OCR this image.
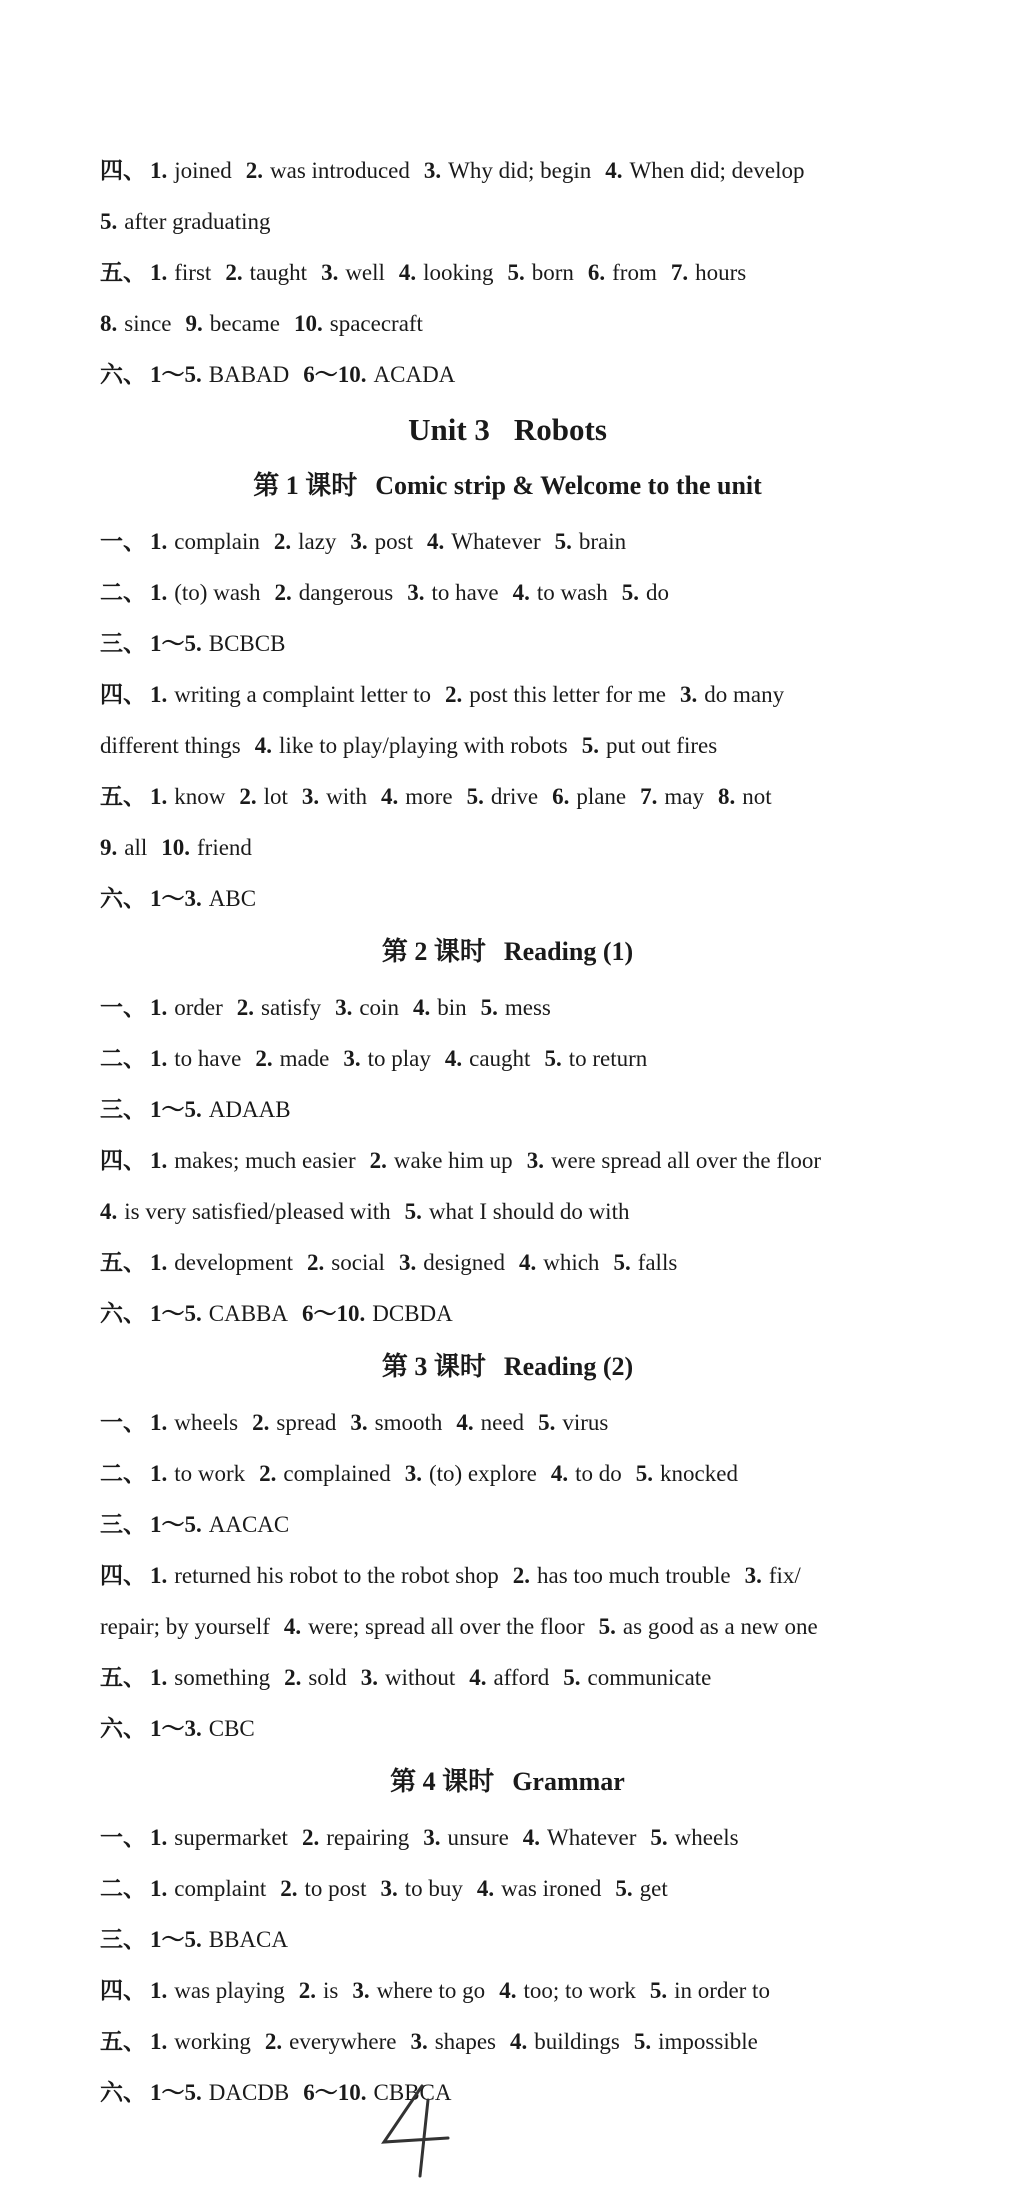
四、 1. joined 2. was introduced 3. Why did; begin 4. When did; develop
5. after graduating
五、 1. first 2. taught 3. well 4. looking 5. born 6. from 7. hours
8. since 9. became 10. spacecraft
六、 1～5. BABAD 6～10. ACADA
Unit 3 Robots
第 1 课时 Comic strip & Welcome to the unit
一、 1. complain 2. lazy 3. post 4. Whatever 5. brain
二、 1. (to) wash 2. dangerous 3. to have 4. to wash 5. do
三、 1～5. BCBCB
四、 1. writing a complaint letter to 2. post this letter for me 3. do many
different things 4. like to play/playing with robots 5. put out fires
五、 1. know 2. lot 3. with 4. more 5. drive 6. plane 7. may 8. not
9. all 10. friend
六、 1～3. ABC
第 2 课时 Reading (1)
一、 1. order 2. satisfy 3. coin 4. bin 5. mess
二、 1. to have 2. made 3. to play 4. caught 5. to return
三、 1～5. ADAAB
四、 1. makes; much easier 2. wake him up 3. were spread all over the floor
4. is very satisfied/pleased with 5. what I should do with
五、 1. development 2. social 3. designed 4. which 5. falls
六、 1～5. CABBA 6～10. DCBDA
第 3 课时 Reading (2)
一、 1. wheels 2. spread 3. smooth 4. need 5. virus
二、 1. to work 2. complained 3. (to) explore 4. to do 5. knocked
三、 1～5. AACAC
四、 1. returned his robot to the robot shop 2. has too much trouble 3. fix/
repair; by yourself 4. were; spread all over the floor 5. as good as a new one
五、 1. something 2. sold 3. without 4. afford 5. communicate
六、 1～3. CBC
第 4 课时 Grammar
一、 1. supermarket 2. repairing 3. unsure 4. Whatever 5. wheels
二、 1. complaint 2. to post 3. to buy 4. was ironed 5. get
三、 1～5. BBACA
四、 1. was playing 2. is 3. where to go 4. too; to work 5. in order to
五、 1. working 2. everywhere 3. shapes 4. buildings 5. impossible
六、 1～5. DACDB 6～10. CBBCA
